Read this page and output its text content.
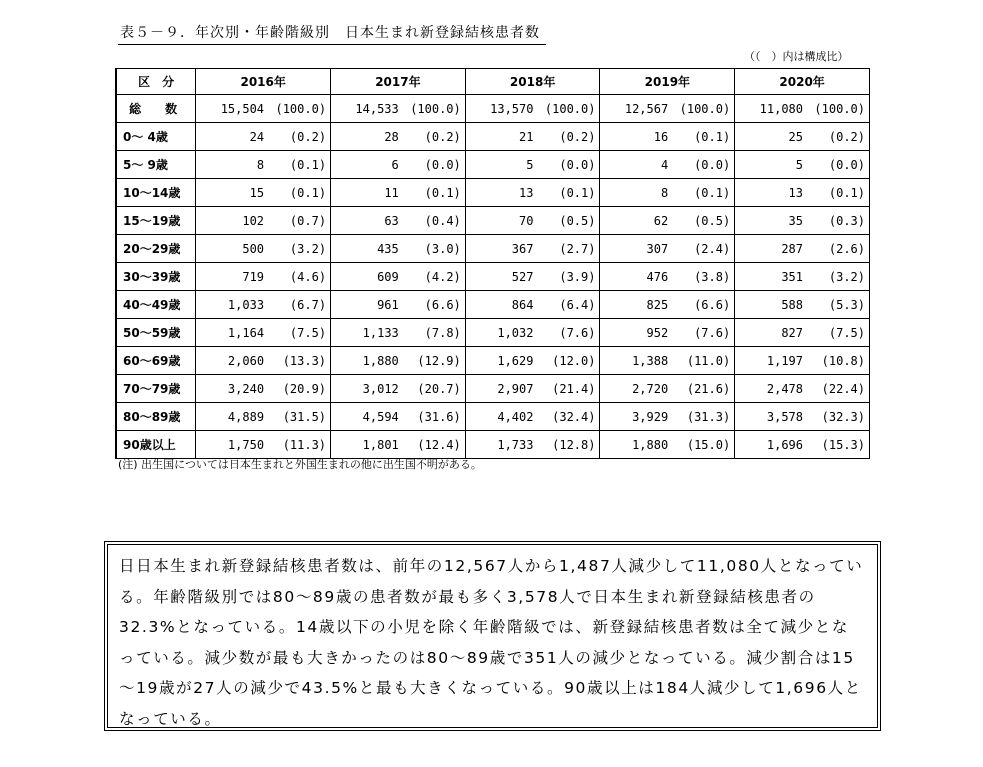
表５－９．年次別・年齢階級別　日本生まれ新登録結核患者数
（（　）内は構成比）
区　分	2016年	2017年	2018年	2019年	2020年
総　数	15,504 (100.0)	14,533 (100.0)	13,570 (100.0)	12,567 (100.0)	11,080 (100.0)

0～ 4歳	24 (0.2)	28 (0.2)	21 (0.2)	16 (0.1)	25 (0.2)

5～ 9歳	8 (0.1)	6 (0.0)	5 (0.0)	4 (0.0)	5 (0.0)

10～14歳	15 (0.1)	11 (0.1)	13 (0.1)	8 (0.1)	13 (0.1)

15～19歳	102 (0.7)	63 (0.4)	70 (0.5)	62 (0.5)	35 (0.3)

20～29歳	500 (3.2)	435 (3.0)	367 (2.7)	307 (2.4)	287 (2.6)

30～39歳	719 (4.6)	609 (4.2)	527 (3.9)	476 (3.8)	351 (3.2)

40～49歳	1,033 (6.7)	961 (6.6)	864 (6.4)	825 (6.6)	588 (5.3)

50～59歳	1,164 (7.5)	1,133 (7.8)	1,032 (7.6)	952 (7.6)	827 (7.5)

60～69歳	2,060 (13.3)	1,880 (12.9)	1,629 (12.0)	1,388 (11.0)	1,197 (10.8)

70～79歳	3,240 (20.9)	3,012 (20.7)	2,907 (21.4)	2,720 (21.6)	2,478 (22.4)

80～89歳	4,889 (31.5)	4,594 (31.6)	4,402 (32.4)	3,929 (31.3)	3,578 (32.3)

90歳以上	1,750 (11.3)	1,801 (12.4)	1,733 (12.8)	1,880 (15.0)	1,696 (15.3)
(注) 出生国については日本生まれと外国生まれの他に出生国不明がある。
日日本生まれ新登録結核患者数は、前年の12,567人から1,487人減少して11,080人となっている。年齢階級別では80～89歳の患者数が最も多く3,578人で日本生まれ新登録結核患者の32.3%となっている。14歳以下の小児を除く年齢階級では、新登録結核患者数は全て減少となっている。減少数が最も大きかったのは80～89歳で351人の減少となっている。減少割合は15～19歳が27人の減少で43.5%と最も大きくなっている。90歳以上は184人減少して1,696人となっている。
